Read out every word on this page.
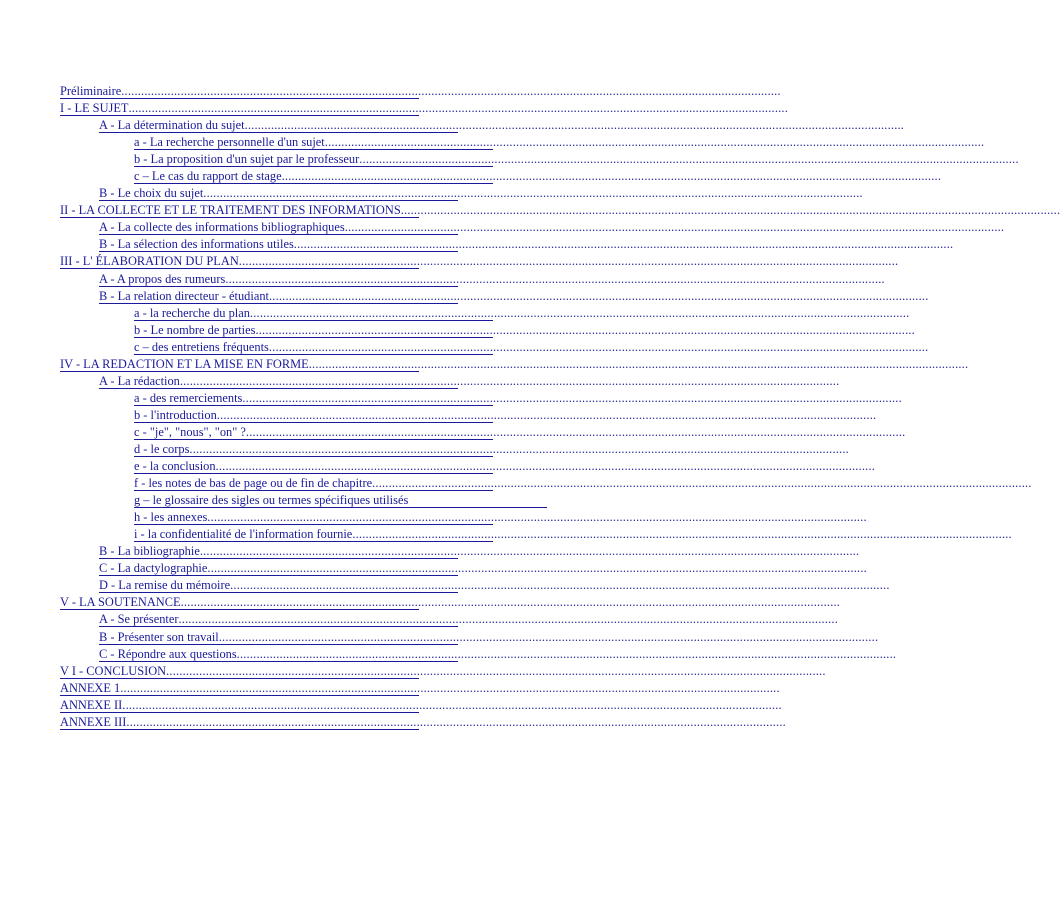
Préliminaire........................................................................................................................................................................................................
I - LE SUJET........................................................................................................................................................................................................
A - La détermination du sujet........................................................................................................................................................................................................
a - La recherche personnelle d'un sujet........................................................................................................................................................................................................
b - La proposition d'un sujet par le professeur........................................................................................................................................................................................................
c – Le cas du rapport de stage........................................................................................................................................................................................................
B - Le choix du sujet........................................................................................................................................................................................................
II - LA COLLECTE ET LE TRAITEMENT DES INFORMATIONS........................................................................................................................................................................................................
A - La collecte des informations bibliographiques........................................................................................................................................................................................................
B - La sélection des informations utiles........................................................................................................................................................................................................
III - L' ÉLABORATION DU PLAN........................................................................................................................................................................................................
A - A propos des rumeurs........................................................................................................................................................................................................
B - La relation directeur - étudiant........................................................................................................................................................................................................
a - la recherche du plan........................................................................................................................................................................................................
b - Le nombre de parties........................................................................................................................................................................................................
c – des entretiens fréquents........................................................................................................................................................................................................
IV - LA REDACTION ET LA MISE EN FORME........................................................................................................................................................................................................
A - La rédaction........................................................................................................................................................................................................
a - des remerciements........................................................................................................................................................................................................
b - l'introduction........................................................................................................................................................................................................
c - "je", "nous", "on" ?........................................................................................................................................................................................................
d - le corps........................................................................................................................................................................................................
e - la conclusion........................................................................................................................................................................................................
f - les notes de bas de page ou de fin de chapitre........................................................................................................................................................................................................
g – le glossaire des sigles ou termes spécifiques utilisés
h - les annexes........................................................................................................................................................................................................
i - la confidentialité de l'information fournie........................................................................................................................................................................................................
B - La bibliographie........................................................................................................................................................................................................
C - La dactylographie........................................................................................................................................................................................................
D - La remise du mémoire........................................................................................................................................................................................................
V - LA SOUTENANCE........................................................................................................................................................................................................
A - Se présenter........................................................................................................................................................................................................
B - Présenter son travail........................................................................................................................................................................................................
C - Répondre aux questions........................................................................................................................................................................................................
V I - CONCLUSION........................................................................................................................................................................................................
ANNEXE 1........................................................................................................................................................................................................
ANNEXE II........................................................................................................................................................................................................
ANNEXE III........................................................................................................................................................................................................
